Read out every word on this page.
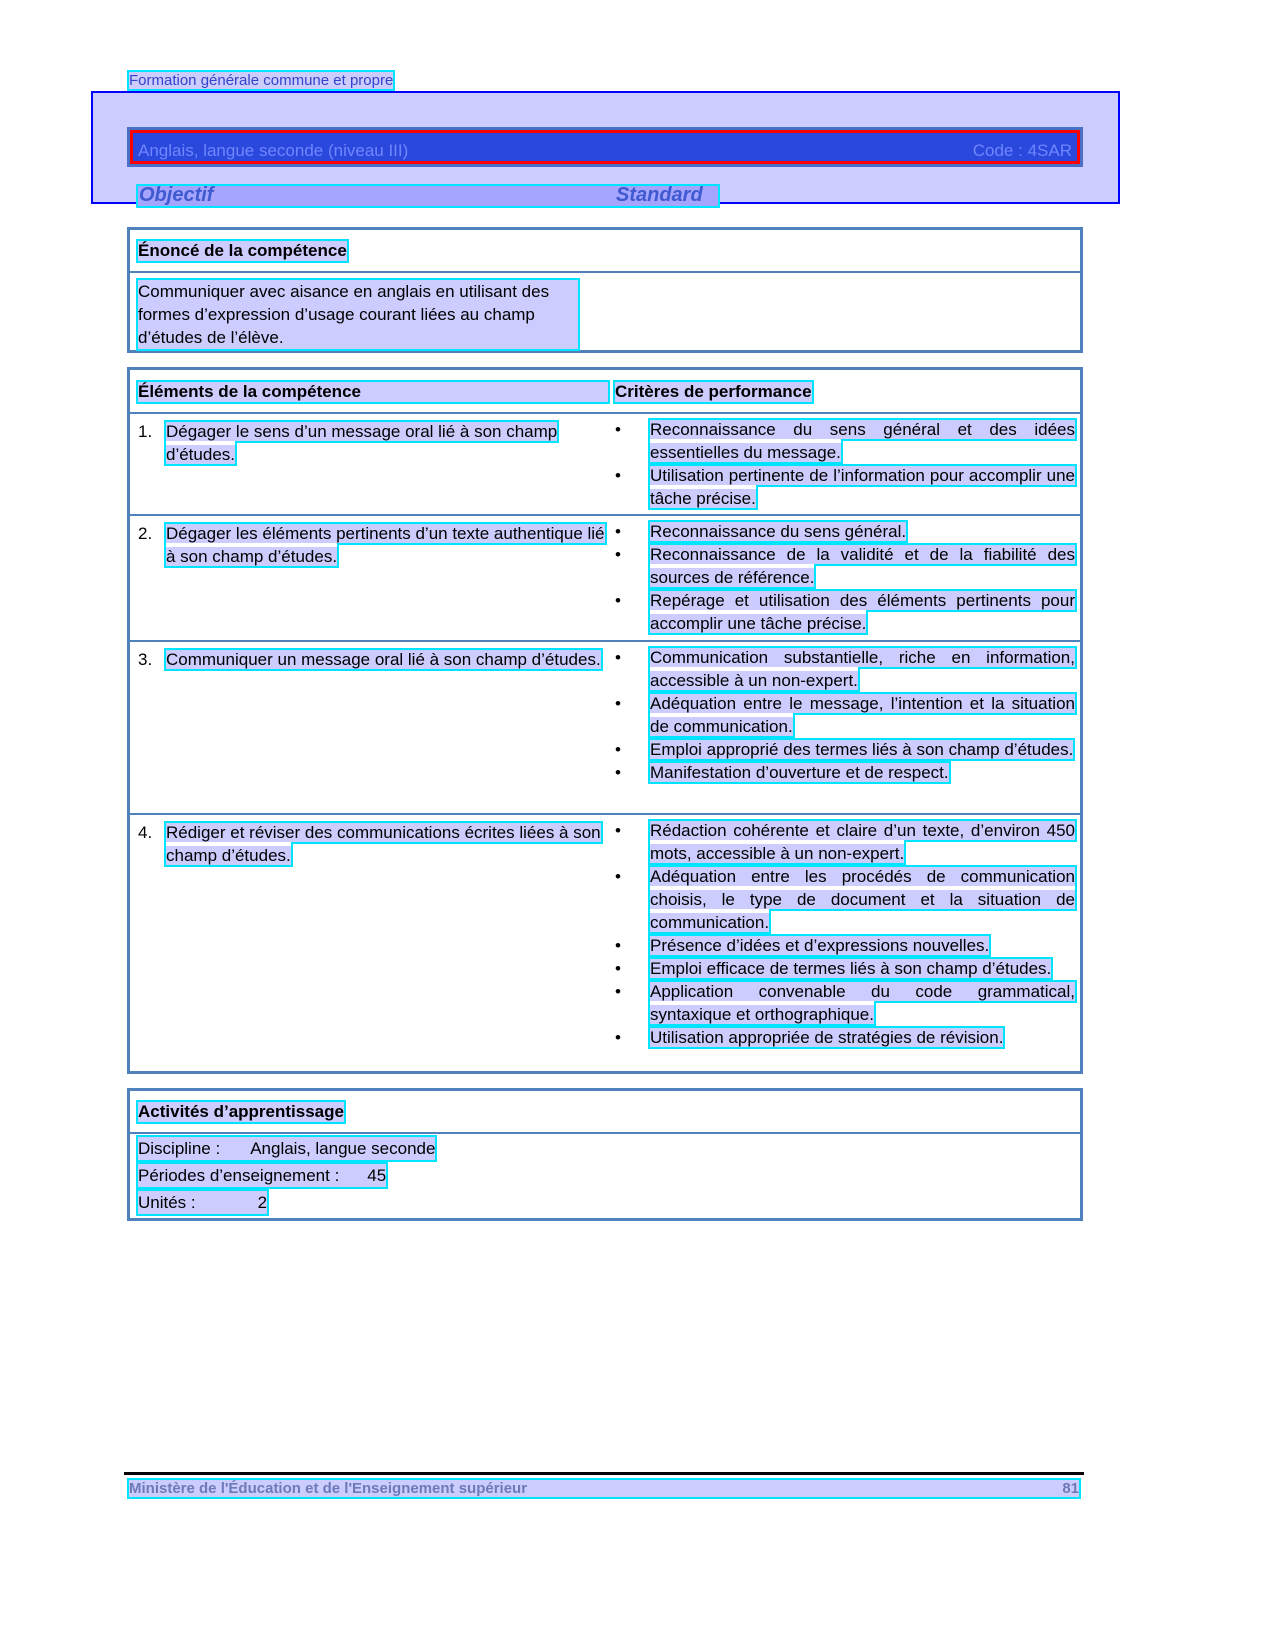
Formation générale commune et propre
Anglais, langue seconde (niveau III)	Code : 4SAR
Objectif	Standard
Énoncé de la compétence
Communiquer avec aisance en anglais en utilisant des formes d’expression d’usage courant liées au champ d’études de l’élève.
Éléments de la compétence	Critères de performance
1. Dégager le sens d’un message oral lié à son champ d’études.
• Reconnaissance du sens général et des idées essentielles du message.
• Utilisation pertinente de l’information pour accomplir une tâche précise.
2. Dégager les éléments pertinents d’un texte authentique lié à son champ d’études.
• Reconnaissance du sens général.
• Reconnaissance de la validité et de la fiabilité des sources de référence.
• Repérage et utilisation des éléments pertinents pour accomplir une tâche précise.
3. Communiquer un message oral lié à son champ d’études. • Communication substantielle, riche en information, accessible à un non-expert.
• Adéquation entre le message, l’intention et la situation de communication.
• Emploi approprié des termes liés à son champ d’études.
• Manifestation d’ouverture et de respect.
4. Rédiger et réviser des communications écrites liées à son champ d’études.
• Rédaction cohérente et claire d’un texte, d’environ 450 mots, accessible à un non-expert.
• Adéquation entre les procédés de communication choisis, le type de document et la situation de communication.
• Présence d’idées et d’expressions nouvelles.
• Emploi efficace de termes liés à son champ d’études.
• Application convenable du code grammatical, syntaxique et orthographique.
• Utilisation appropriée de stratégies de révision.
Activités d’apprentissage
Discipline : Anglais, langue seconde
Périodes d’enseignement : 45
Unités :	2
Ministère de l'Éducation et de l'Enseignement supérieur	81
